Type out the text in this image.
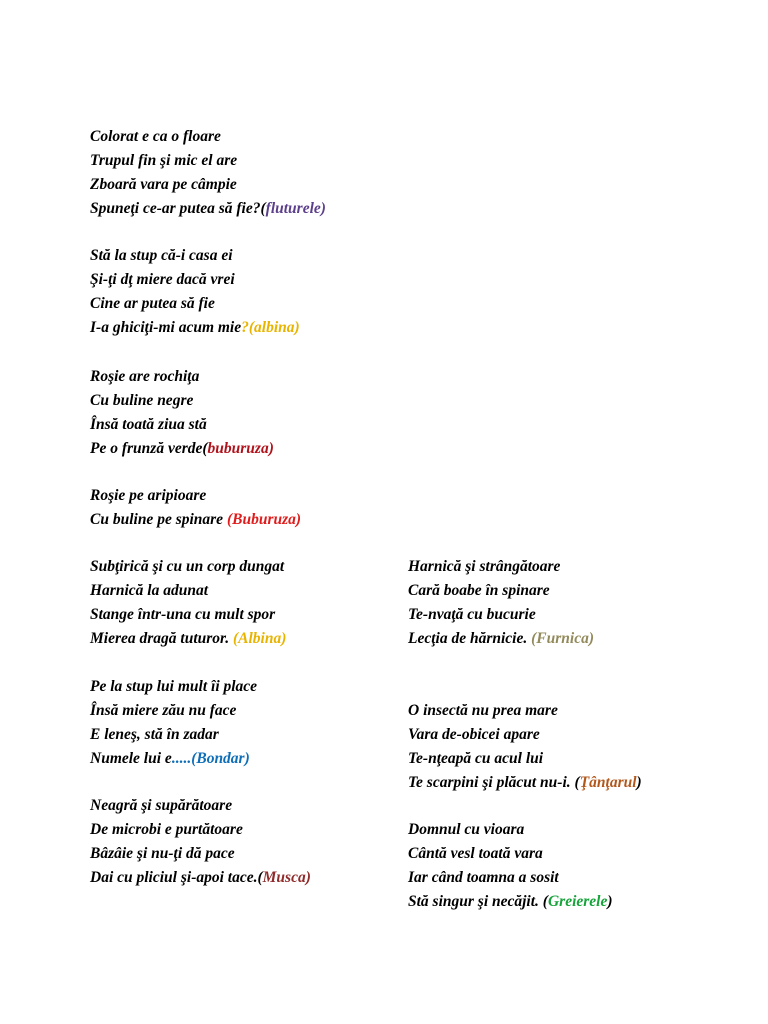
Colorat e ca o floare
Trupul fin şi mic el are
Zboară vara pe câmpie
Spuneţi ce-ar putea să fie?(fluturele)
Stă la stup că-i casa ei
Şi-ţi dţ miere dacă vrei
Cine ar putea să fie
I-a ghiciţi-mi acum mie?(albina)
Roşie are rochiţa
Cu buline negre
Însă toată ziua stă
Pe o frunză verde(buburuza)
Roşie pe aripioare
Cu buline pe spinare (Buburuza)
Subţirică şi cu un corp dungat
Harnică la adunat
Stange într-una cu mult spor
Mierea dragă tuturor. (Albina)
Pe la stup lui mult îi place
Însă miere zău nu face
E leneş, stă în zadar
Numele lui e.....(Bondar)
Neagră şi supărătoare
De microbi e purtătoare
Bâzâie şi nu-ţi dă pace
Dai cu pliciul şi-apoi tace.(Musca)
Harnică şi strângătoare
Cară boabe în spinare
Te-nvaţă cu bucurie
Lecţia de hărnicie. (Furnica)
O insectă nu prea mare
Vara de-obicei apare
Te-nţeapă cu acul lui
Te scarpini şi plăcut nu-i. (Ţânţarul)
Domnul cu vioara
Cântă vesl toată vara
Iar când toamna a sosit
Stă singur şi necăjit. (Greierele)
